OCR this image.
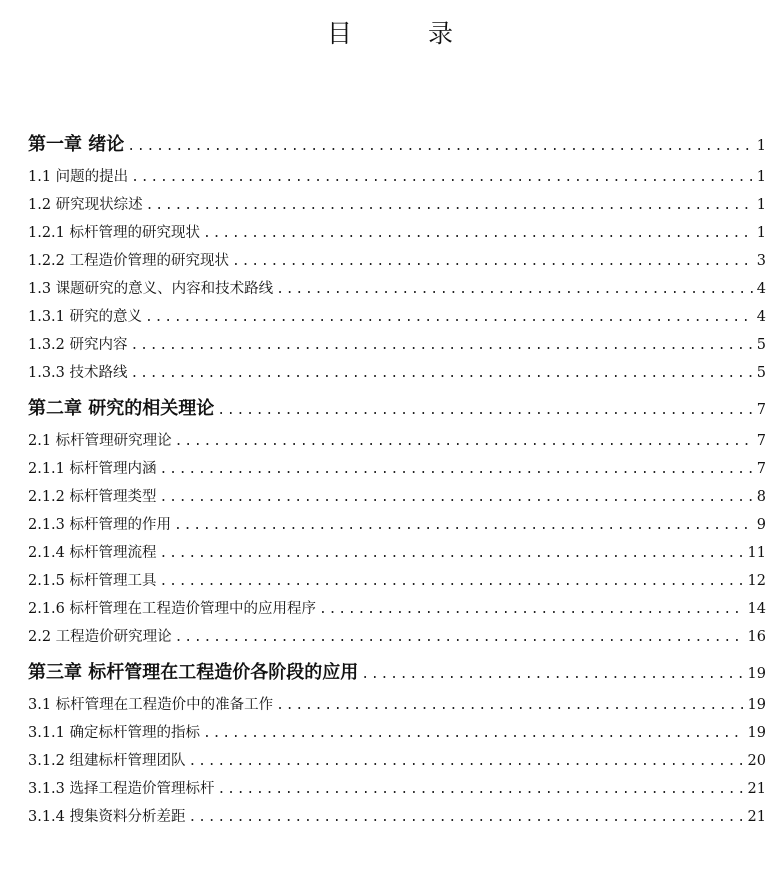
目 录
第一章 绪论 .....	1
1.1 问题的提出 .....	1
1.2 研究现状综述 .....	1
1.2.1 标杆管理的研究现状 .....	1
1.2.2 工程造价管理的研究现状 .....	3
1.3 课题研究的意义、内容和技术路线 .....	4
1.3.1 研究的意义 .....	4
1.3.2 研究内容 .....	5
1.3.3 技术路线 .....	5
第二章 研究的相关理论 .....	7
2.1 标杆管理研究理论 .....	7
2.1.1 标杆管理内涵 .....	7
2.1.2 标杆管理类型 .....	8
2.1.3 标杆管理的作用 .....	9
2.1.4 标杆管理流程 .....	11
2.1.5 标杆管理工具 .....	12
2.1.6 标杆管理在工程造价管理中的应用程序 .....	14
2.2 工程造价研究理论 .....	16
第三章 标杆管理在工程造价各阶段的应用 .....	19
3.1 标杆管理在工程造价中的准备工作 .....	19
3.1.1 确定标杆管理的指标 .....	19
3.1.2 组建标杆管理团队 .....	20
3.1.3 选择工程造价管理标杆 .....	21
3.1.4 搜集资料分析差距 .....	21
